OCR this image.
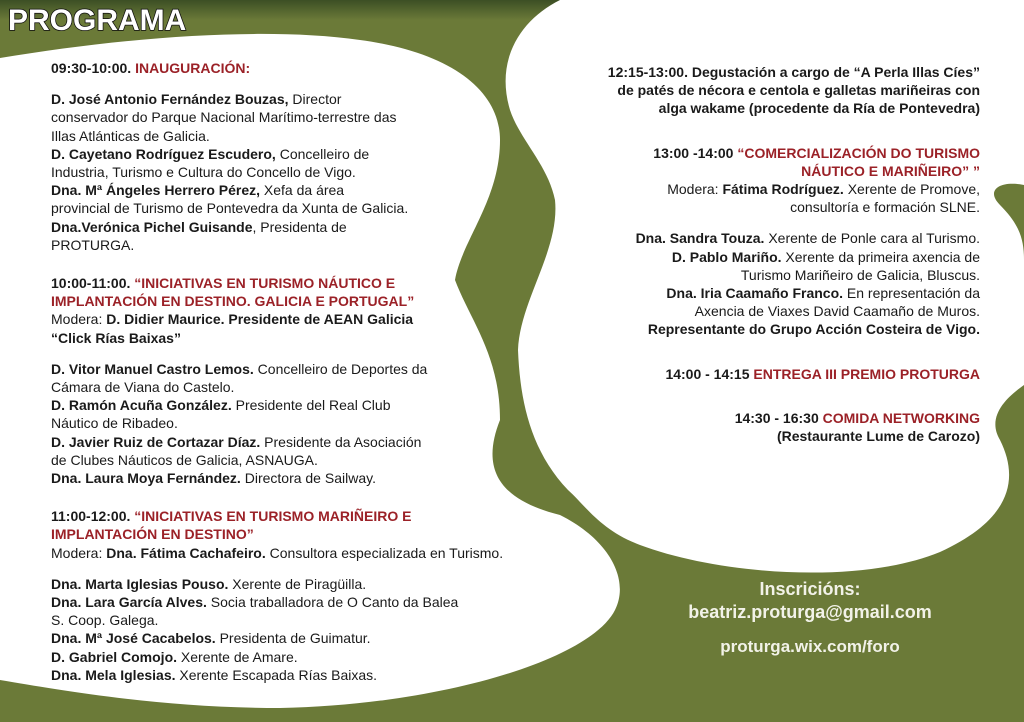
PROGRAMA
09:30-10:00. INAUGURACIÓN:
D. José Antonio Fernández Bouzas, Director
conservador do Parque Nacional Marítimo-terrestre das
Illas Atlánticas de Galicia.
D. Cayetano Rodríguez Escudero, Concelleiro de
Industria, Turismo e Cultura do Concello de Vigo.
Dna. Mª Ángeles Herrero Pérez, Xefa da área
provincial de Turismo de Pontevedra da Xunta de Galicia.
Dna.Verónica Pichel Guisande, Presidenta de
PROTURGA.
10:00-11:00. “INICIATIVAS EN TURISMO NÁUTICO E
IMPLANTACIÓN EN DESTINO. GALICIA E PORTUGAL”
Modera: D. Didier Maurice. Presidente de AEAN Galicia
“Click Rías Baixas”
D. Vitor Manuel Castro Lemos. Concelleiro de Deportes da
Cámara de Viana do Castelo.
D. Ramón Acuña González. Presidente del Real Club
Náutico de Ribadeo.
D. Javier Ruiz de Cortazar Díaz. Presidente da Asociación
de Clubes Náuticos de Galicia, ASNAUGA.
Dna. Laura Moya Fernández. Directora de Sailway.
11:00-12:00. “INICIATIVAS EN TURISMO MARIÑEIRO E
IMPLANTACIÓN EN DESTINO”
Modera: Dna. Fátima Cachafeiro. Consultora especializada en Turismo.
Dna. Marta Iglesias Pouso. Xerente de Piragüilla.
Dna. Lara García Alves. Socia traballadora de O Canto da Balea
S. Coop. Galega.
Dna. Mª José Cacabelos. Presidenta de Guimatur.
D. Gabriel Comojo. Xerente de Amare.
Dna. Mela Iglesias. Xerente Escapada Rías Baixas.
12:15-13:00. Degustación a cargo de “A Perla Illas Cíes”
de patés de nécora e centola e galletas mariñeiras con
alga wakame (procedente da Ría de Pontevedra)
13:00 -14:00 “COMERCIALIZACIÓN DO TURISMO
NÁUTICO E MARIÑEIRO” ”
Modera: Fátima Rodríguez. Xerente de Promove,
consultoría e formación SLNE.
Dna. Sandra Touza. Xerente de Ponle cara al Turismo.
D. Pablo Mariño. Xerente da primeira axencia de
Turismo Mariñeiro de Galicia, Bluscus.
Dna. Iria Caamaño Franco. En representación da
Axencia de Viaxes David Caamaño de Muros.
Representante do Grupo Acción Costeira de Vigo.
14:00 - 14:15 ENTREGA III PREMIO PROTURGA
14:30 - 16:30 COMIDA NETWORKING
(Restaurante Lume de Carozo)
Inscricións:
beatriz.proturga@gmail.com
proturga.wix.com/foro
